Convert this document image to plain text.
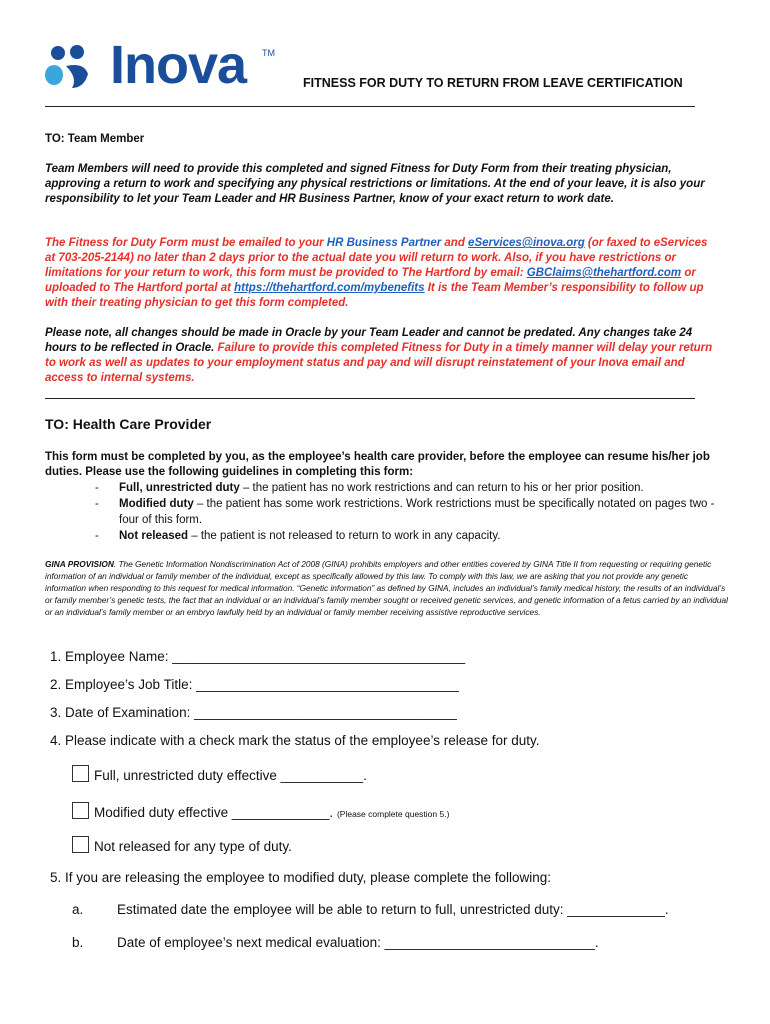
Inova TM
FITNESS FOR DUTY TO RETURN FROM LEAVE CERTIFICATION
TO: Team Member
Team Members will need to provide this completed and signed Fitness for Duty Form from their treating physician, approving a return to work and specifying any physical restrictions or limitations. At the end of your leave, it is also your responsibility to let your Team Leader and HR Business Partner, know of your exact return to work date.
The Fitness for Duty Form must be emailed to your HR Business Partner and eServices@inova.org (or faxed to eServices at 703-205-2144) no later than 2 days prior to the actual date you will return to work. Also, if you have restrictions or limitations for your return to work, this form must be provided to The Hartford by email: GBClaims@thehartford.com or uploaded to The Hartford portal at https://thehartford.com/mybenefits It is the Team Member’s responsibility to follow up with their treating physician to get this form completed.
Please note, all changes should be made in Oracle by your Team Leader and cannot be predated. Any changes take 24 hours to be reflected in Oracle. Failure to provide this completed Fitness for Duty in a timely manner will delay your return to work as well as updates to your employment status and pay and will disrupt reinstatement of your Inova email and access to internal systems.
TO: Health Care Provider
This form must be completed by you, as the employee’s health care provider, before the employee can resume his/her job duties. Please use the following guidelines in completing this form:
-	Full, unrestricted duty – the patient has no work restrictions and can return to his or her prior position.
-	Modified duty – the patient has some work restrictions. Work restrictions must be specifically notated on pages two - four of this form.
-	Not released – the patient is not released to return to work in any capacity.
GINA PROVISION. The Genetic Information Nondiscrimination Act of 2008 (GINA) prohibits employers and other entities covered by GINA Title II from requesting or requiring genetic information of an individual or family member of the individual, except as specifically allowed by this law. To comply with this law, we are asking that you not provide any genetic information when responding to this request for medical information. “Genetic information” as defined by GINA, includes an individual’s family medical history, the results of an individual’s or family member’s genetic tests, the fact that an individual or an individual’s family member sought or received genetic services, and genetic information of a fetus carried by an individual or an individual’s family member or an embryo lawfully held by an individual or family member receiving assistive reproductive services.
1. Employee Name: _______________________________________
2. Employee’s Job Title: ___________________________________
3. Date of Examination: ___________________________________
4. Please indicate with a check mark the status of the employee’s release for duty.
Full, unrestricted duty effective ___________.
Modified duty effective _____________. (Please complete question 5.)
Not released for any type of duty.
5. If you are releasing the employee to modified duty, please complete the following:
a. Estimated date the employee will be able to return to full, unrestricted duty: _____________.
b. Date of employee’s next medical evaluation: ____________________________.
